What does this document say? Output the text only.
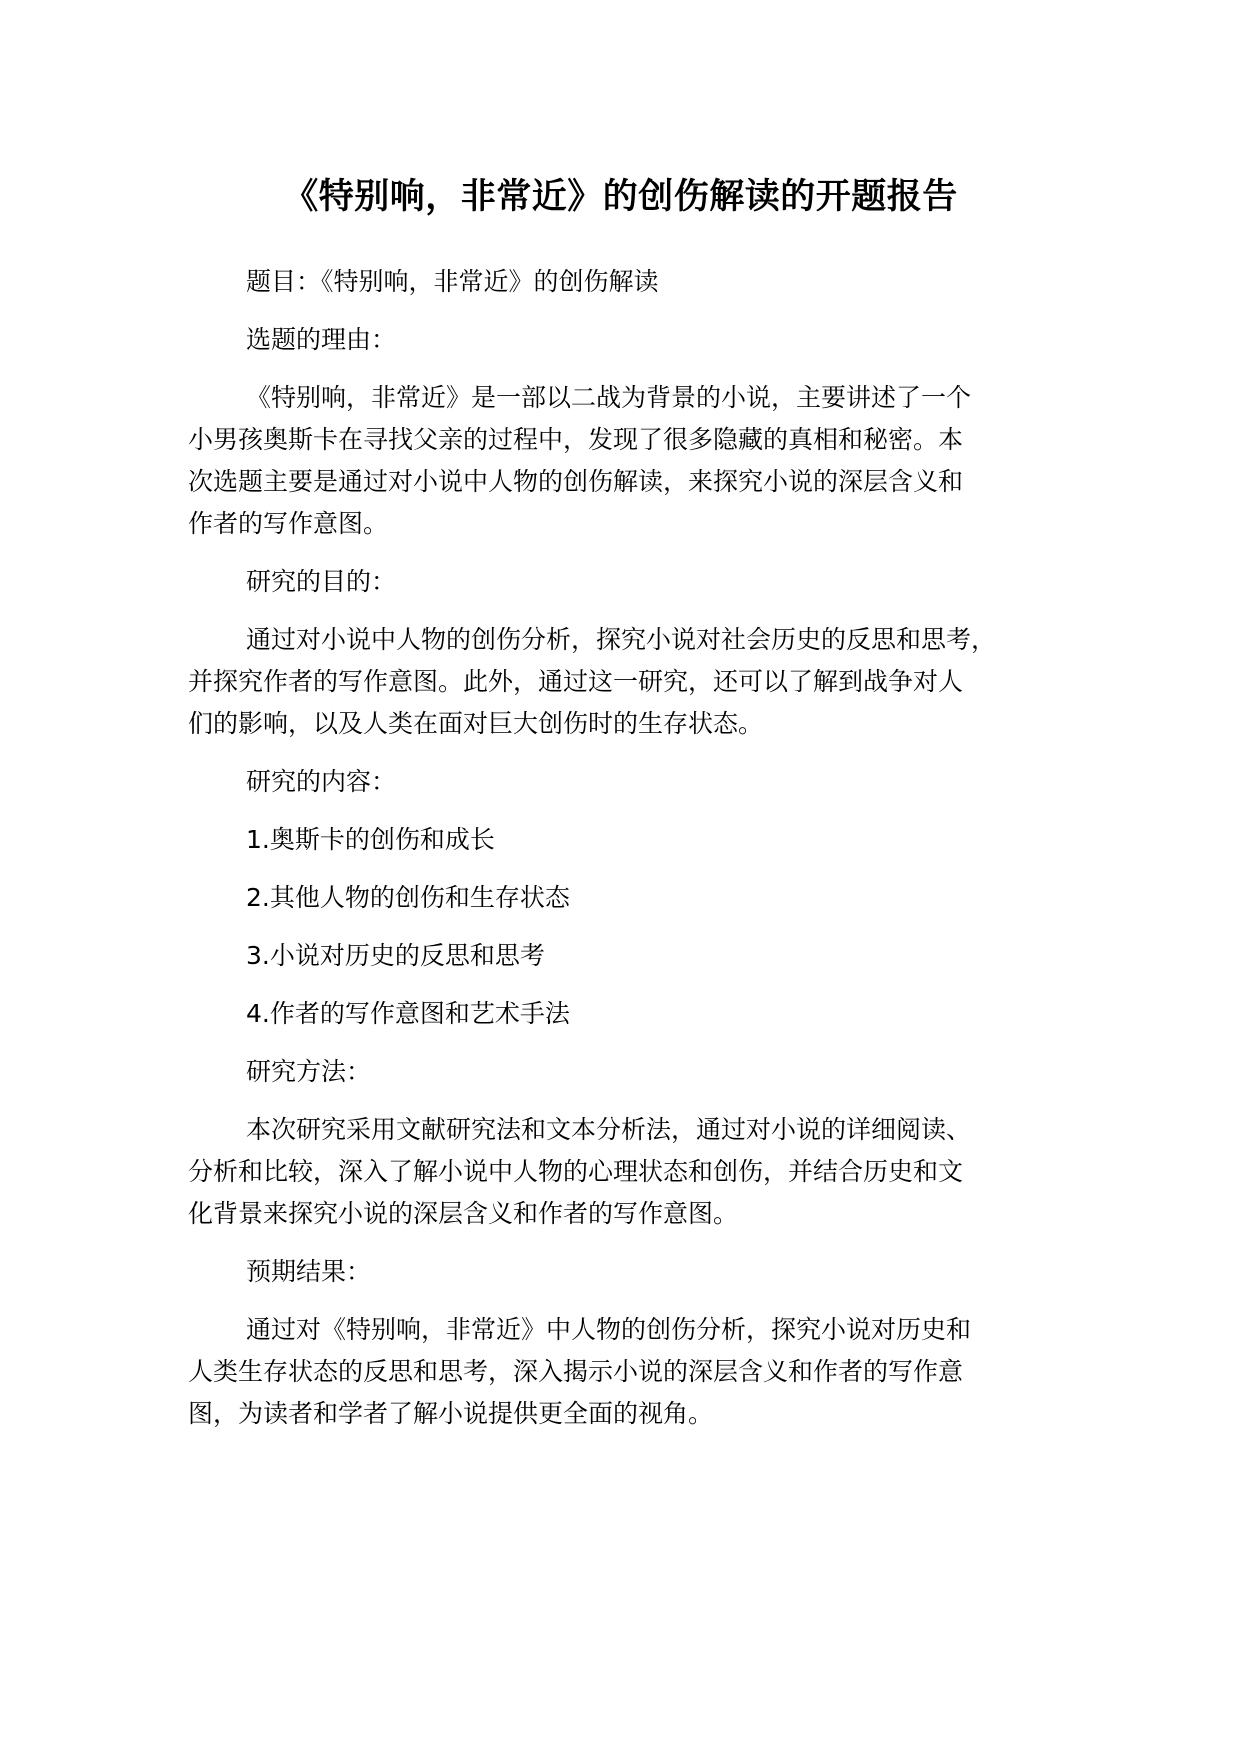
《特别响，非常近》的创伤解读的开题报告
题目：《特别响，非常近》的创伤解读
选题的理由：
《特别响，非常近》是一部以二战为背景的小说，主要讲述了一个
小男孩奥斯卡在寻找父亲的过程中，发现了很多隐藏的真相和秘密。本
次选题主要是通过对小说中人物的创伤解读，来探究小说的深层含义和
作者的写作意图。
研究的目的：
通过对小说中人物的创伤分析，探究小说对社会历史的反思和思考，
并探究作者的写作意图。此外，通过这一研究，还可以了解到战争对人
们的影响，以及人类在面对巨大创伤时的生存状态。
研究的内容：
1.奥斯卡的创伤和成长
2.其他人物的创伤和生存状态
3.小说对历史的反思和思考
4.作者的写作意图和艺术手法
研究方法：
本次研究采用文献研究法和文本分析法，通过对小说的详细阅读、
分析和比较，深入了解小说中人物的心理状态和创伤，并结合历史和文
化背景来探究小说的深层含义和作者的写作意图。
预期结果：
通过对《特别响，非常近》中人物的创伤分析，探究小说对历史和
人类生存状态的反思和思考，深入揭示小说的深层含义和作者的写作意
图，为读者和学者了解小说提供更全面的视角。
